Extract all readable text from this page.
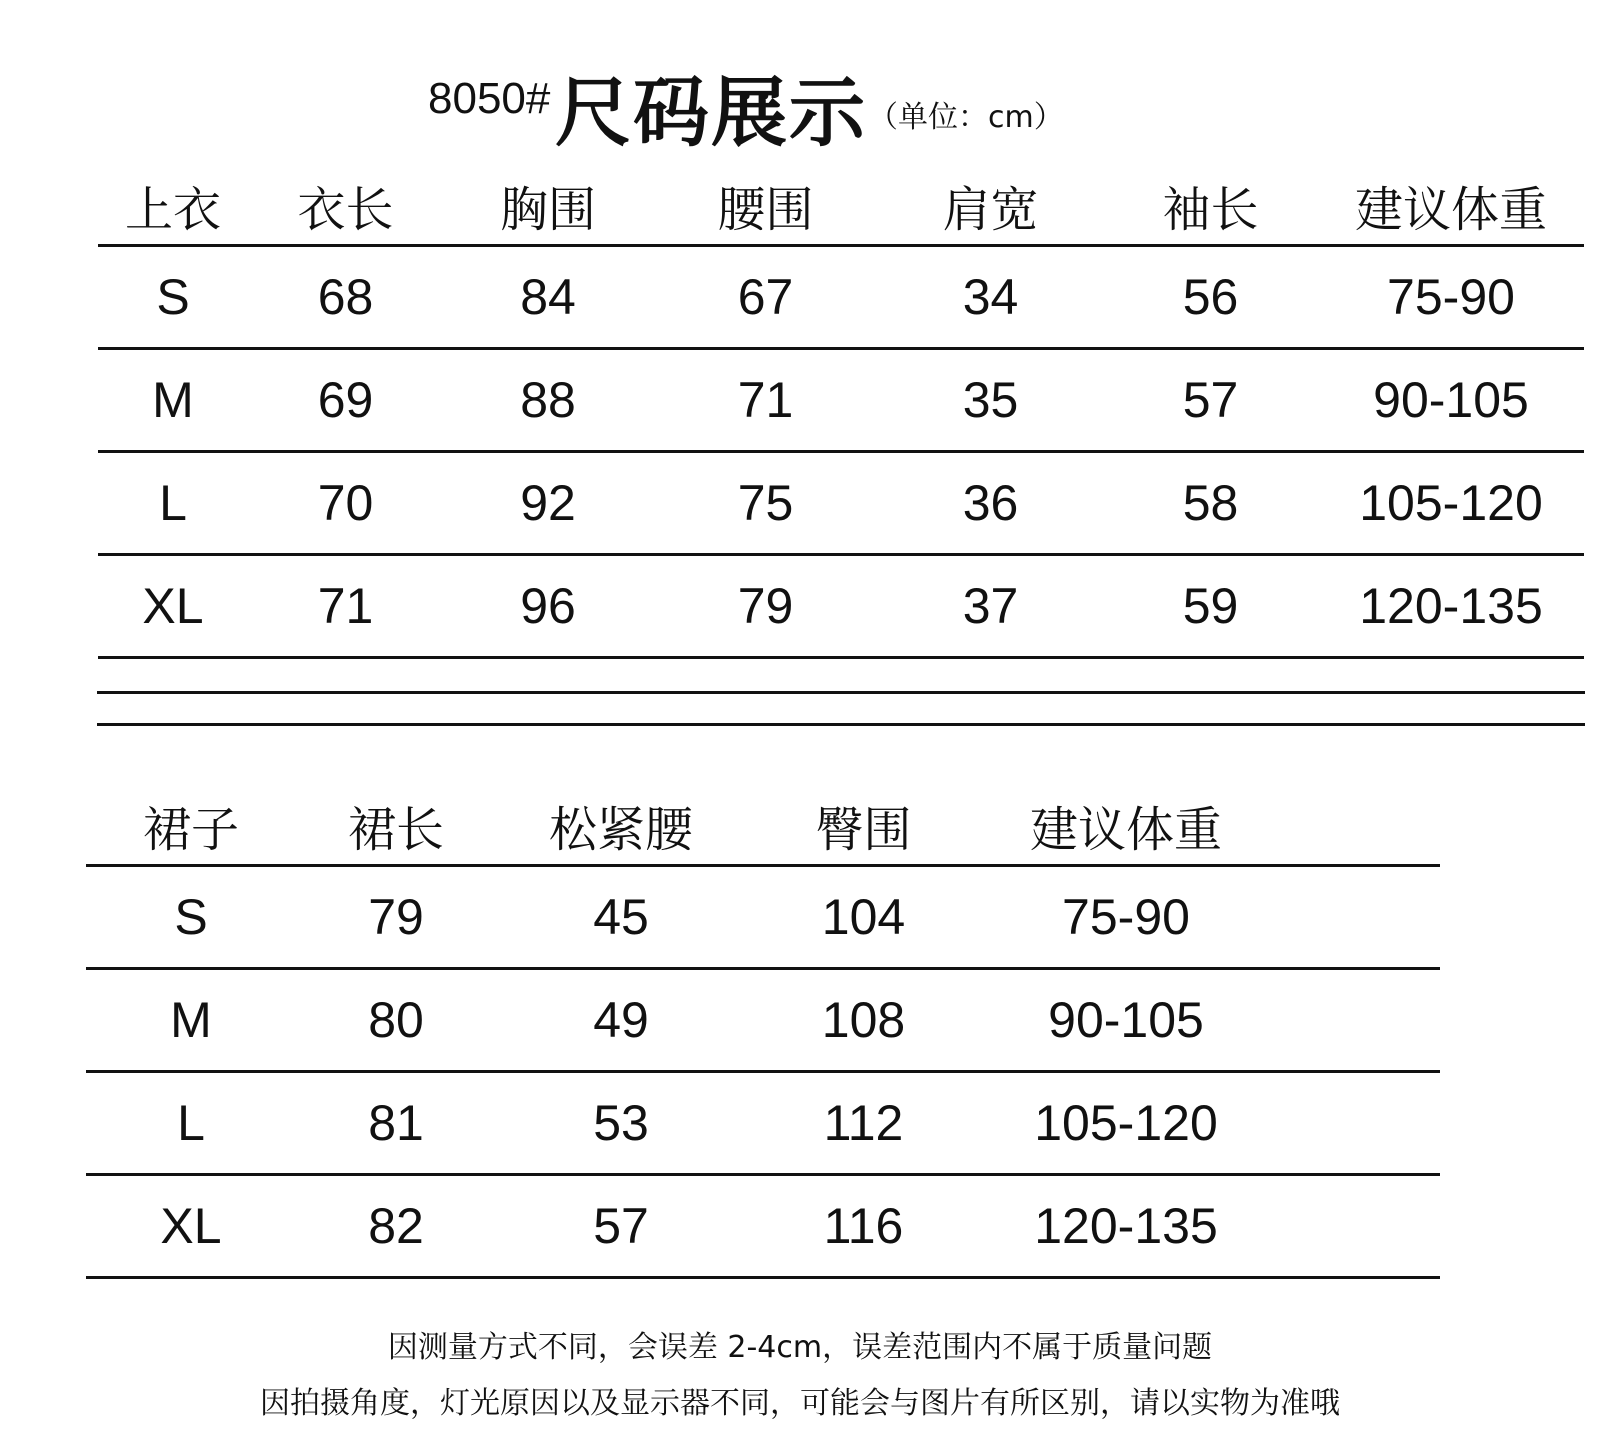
8050# 尺码展示 （单位：cm）
上衣	衣长	胸围	腰围	肩宽	袖长	建议体重
S	68	84	67	34	56	75-90
M	69	88	71	35	57	90-105
L	70	92	75	36	58	105-120
XL	71	96	79	37	59	120-135
裙子	裙长	松紧腰	臀围	建议体重	
S	79	45	104	75-90	
M	80	49	108	90-105	
L	81	53	112	105-120	
XL	82	57	116	120-135	
因测量方式不同，会误差 2-4cm，误差范围内不属于质量问题
因拍摄角度，灯光原因以及显示器不同，可能会与图片有所区别，请以实物为准哦
